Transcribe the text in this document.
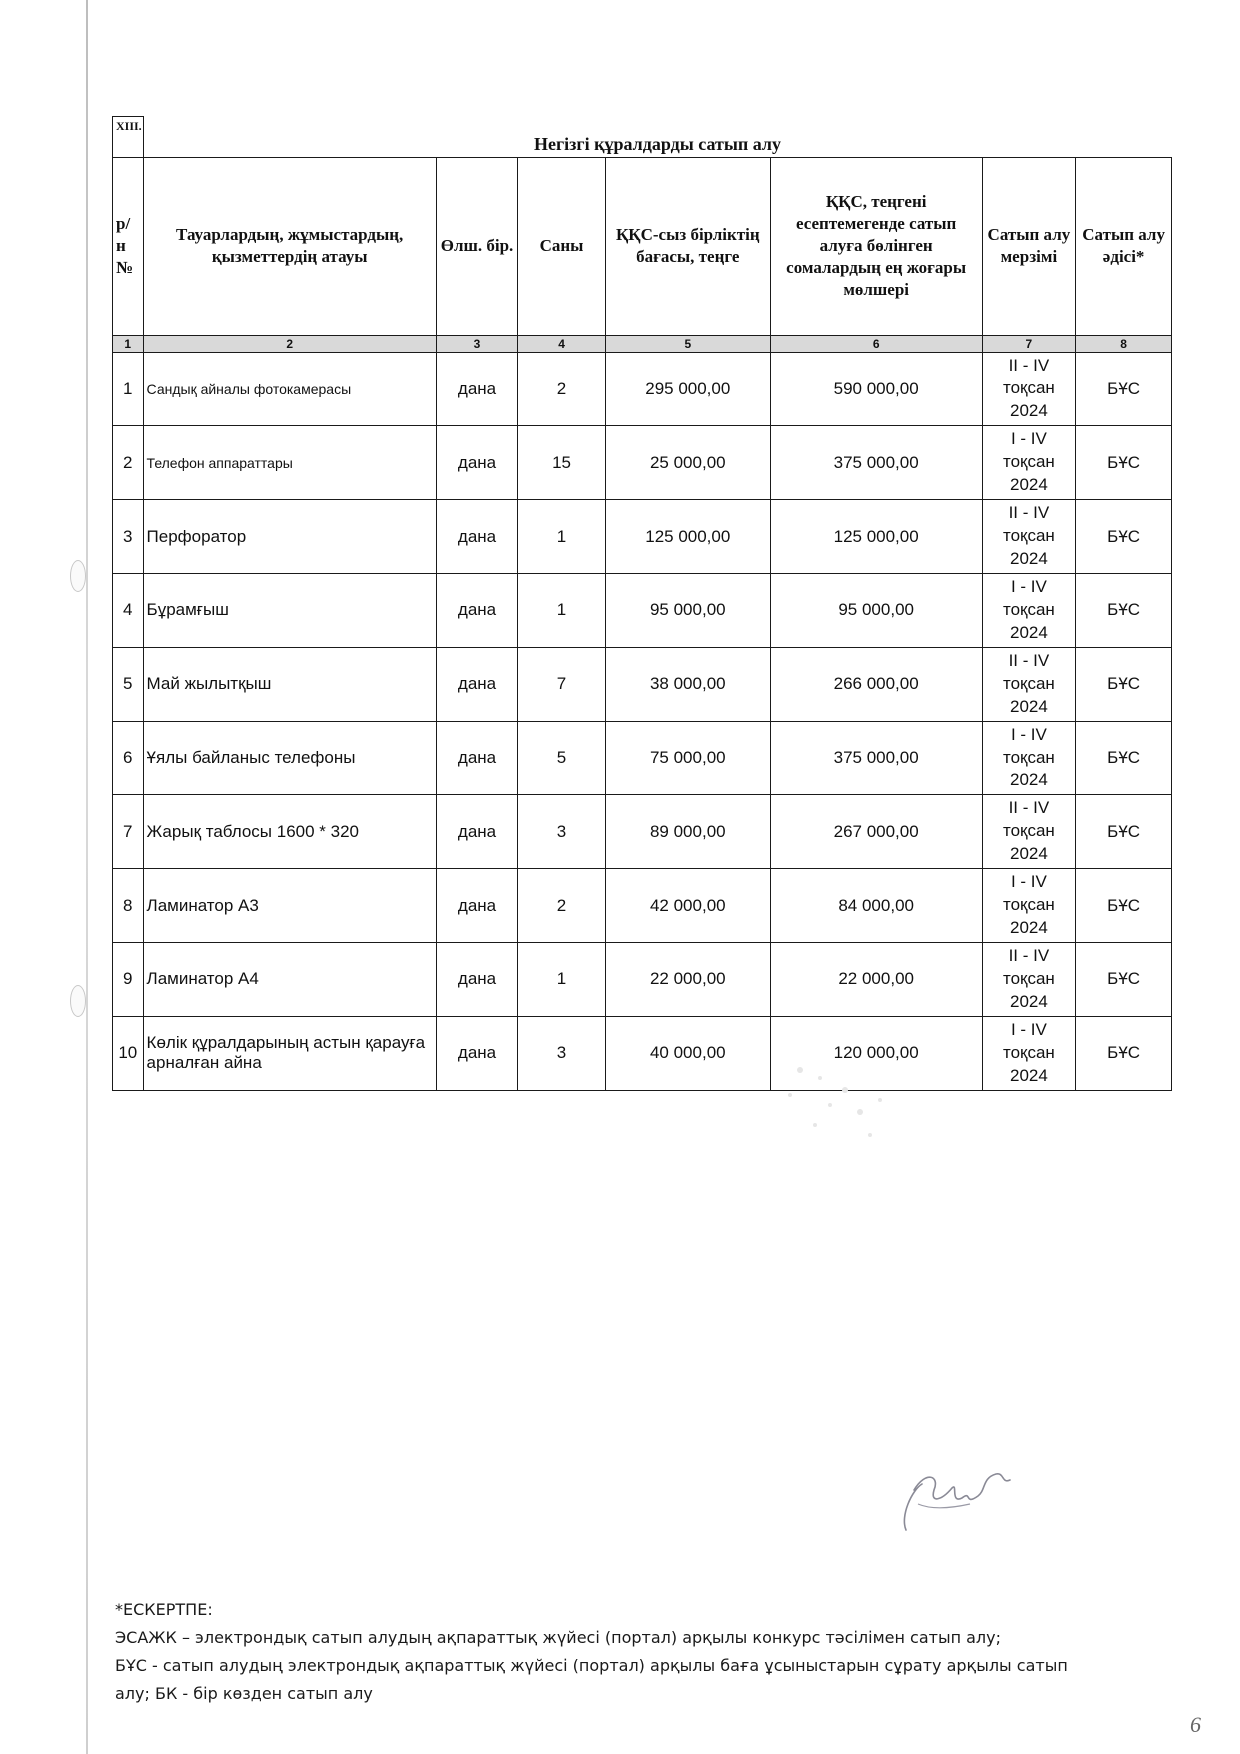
XIII.	Негізгі құралдарды сатып алу						
р/н №	Тауарлардың, жұмыстардың, қызметтердің атауы	Өлш. бір.	Саны	ҚҚС-сыз бірліктің бағасы, теңге	ҚҚС, теңгені есептемегенде сатып алуға бөлінген сомалардың ең жоғары мөлшері	Сатып алу мерзімі	Сатып алу әдісі*
1	2	3	4	5	6	7	8
1	Сандық айналы фотокамерасы	дана	2	295 000,00	590 000,00	II - IV тоқсан 2024	БҰС
2	Телефон аппараттары	дана	15	25 000,00	375 000,00	I - IV тоқсан 2024	БҰС
3	Перфоратор	дана	1	125 000,00	125 000,00	II - IV тоқсан 2024	БҰС
4	Бұрамғыш	дана	1	95 000,00	95 000,00	I - IV тоқсан 2024	БҰС
5	Май жылытқыш	дана	7	38 000,00	266 000,00	II - IV тоқсан 2024	БҰС
6	Ұялы байланыс телефоны	дана	5	75 000,00	375 000,00	I - IV тоқсан 2024	БҰС
7	Жарық таблосы 1600 * 320	дана	3	89 000,00	267 000,00	II - IV тоқсан 2024	БҰС
8	Ламинатор А3	дана	2	42 000,00	84 000,00	I - IV тоқсан 2024	БҰС
9	Ламинатор А4	дана	1	22 000,00	22 000,00	II - IV тоқсан 2024	БҰС
10	Көлік құралдарының астын қарауға арналған айна	дана	3	40 000,00	120 000,00	I - IV тоқсан 2024	БҰС
*ЕСКЕРТПЕ:
ЭСАЖК – электрондық сатып алудың ақпараттық жүйесі (портал) арқылы конкурс тәсілімен сатып алу;
БҰС - сатып алудың электрондық ақпараттық жүйесі (портал) арқылы баға ұсыныстарын сұрату арқылы сатып
алу; БК - бір көзден сатып алу
6
